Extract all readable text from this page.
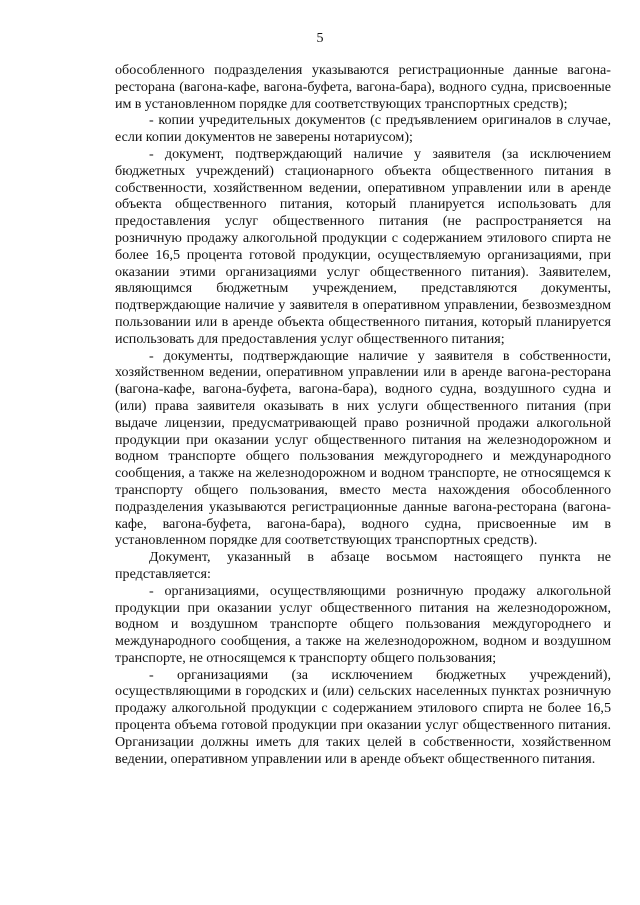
5

обособленного подразделения указываются регистрационные данные вагона-ресторана (вагона-кафе, вагона-буфета, вагона-бара), водного судна, присвоенные им в установленном порядке для соответствующих транспортных средств);

- копии учредительных документов (с предъявлением оригиналов в случае, если копии документов не заверены нотариусом);

- документ, подтверждающий наличие у заявителя (за исключением бюджетных учреждений) стационарного объекта общественного питания в собственности, хозяйственном ведении, оперативном управлении или в аренде объекта общественного питания, который планируется использовать для предоставления услуг общественного питания (не распространяется на розничную продажу алкогольной продукции с содержанием этилового спирта не более 16,5 процента готовой продукции, осуществляемую организациями, при оказании этими организациями услуг общественного питания). Заявителем, являющимся бюджетным учреждением, представляются документы, подтверждающие наличие у заявителя в оперативном управлении, безвозмездном пользовании или в аренде объекта общественного питания, который планируется использовать для предоставления услуг общественного питания;

- документы, подтверждающие наличие у заявителя в собственности, хозяйственном ведении, оперативном управлении или в аренде вагона-ресторана (вагона-кафе, вагона-буфета, вагона-бара), водного судна, воздушного судна и (или) права заявителя оказывать в них услуги общественного питания (при выдаче лицензии, предусматривающей право розничной продажи алкогольной продукции при оказании услуг общественного питания на железнодорожном и водном транспорте общего пользования междугороднего и международного сообщения, а также на железнодорожном и водном транспорте, не относящемся к транспорту общего пользования, вместо места нахождения обособленного подразделения указываются регистрационные данные вагона-ресторана (вагона-кафе, вагона-буфета, вагона-бара), водного судна, присвоенные им в установленном порядке для соответствующих транспортных средств).

Документ, указанный в абзаце восьмом настоящего пункта не представляется:

- организациями, осуществляющими розничную продажу алкогольной продукции при оказании услуг общественного питания на железнодорожном, водном и воздушном транспорте общего пользования междугороднего и международного сообщения, а также на железнодорожном, водном и воздушном транспорте, не относящемся к транспорту общего пользования;

- организациями (за исключением бюджетных учреждений), осуществляющими в городских и (или) сельских населенных пунктах розничную продажу алкогольной продукции с содержанием этилового спирта не более 16,5 процента объема готовой продукции при оказании услуг общественного питания. Организации должны иметь для таких целей в собственности, хозяйственном ведении, оперативном управлении или в аренде объект общественного питания.
